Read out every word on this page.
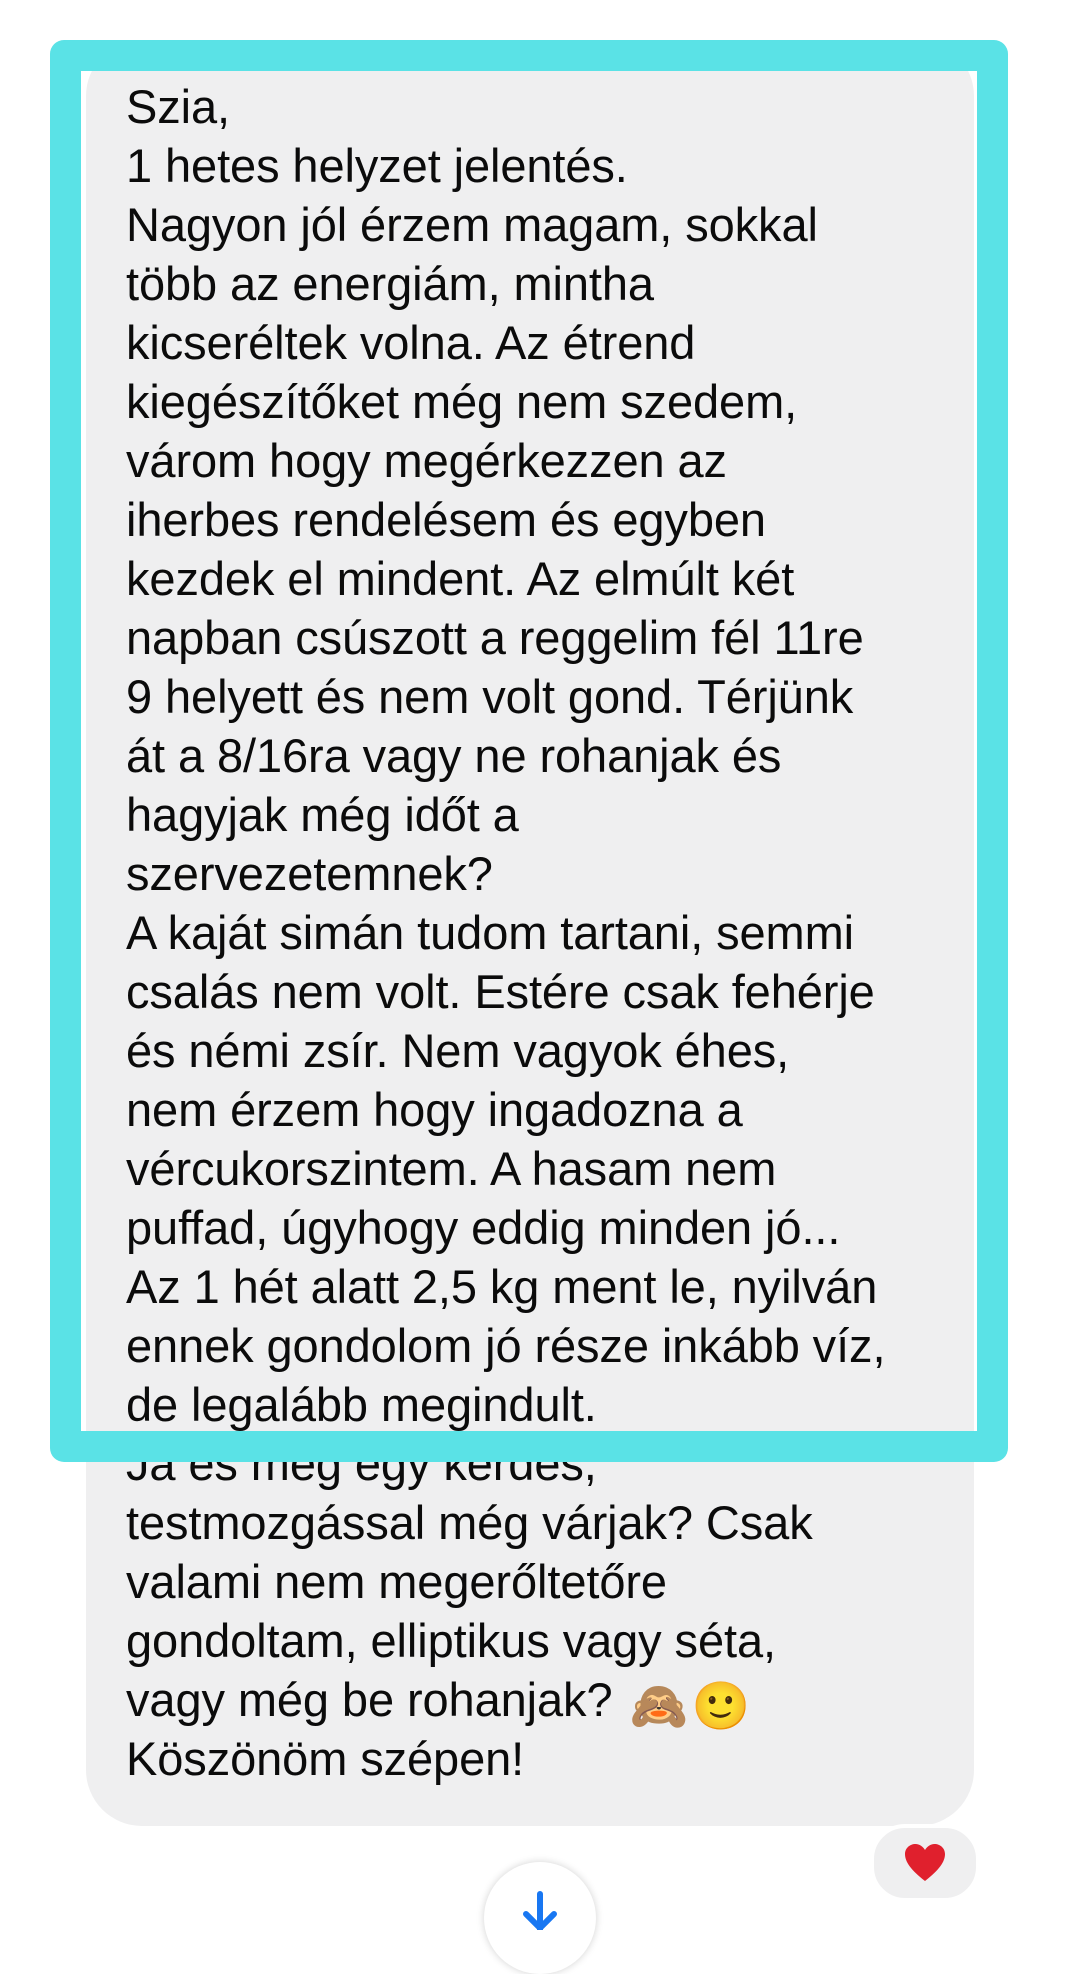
Szia,
1 hetes helyzet jelentés.
Nagyon jól érzem magam, sokkal
több az energiám, mintha
kicseréltek volna. Az étrend
kiegészítőket még nem szedem,
várom hogy megérkezzen az
iherbes rendelésem és egyben
kezdek el mindent. Az elmúlt két
napban csúszott a reggelim fél 11re
9 helyett és nem volt gond. Térjünk
át a 8/16ra vagy ne rohanjak és
hagyjak még időt a
szervezetemnek?
A kaját simán tudom tartani, semmi
csalás nem volt. Estére csak fehérje
és némi zsír. Nem vagyok éhes,
nem érzem hogy ingadozna a
vércukorszintem. A hasam nem
puffad, úgyhogy eddig minden jó...
Az 1 hét alatt 2,5 kg ment le, nyilván
ennek gondolom jó része inkább víz,
de legalább megindult.
Ja és még egy kérdés,
testmozgással még várjak? Csak
valami nem megerőltetőre
gondoltam, elliptikus vagy séta,
vagy még be rohanjak? 🙈🙂
Köszönöm szépen!
